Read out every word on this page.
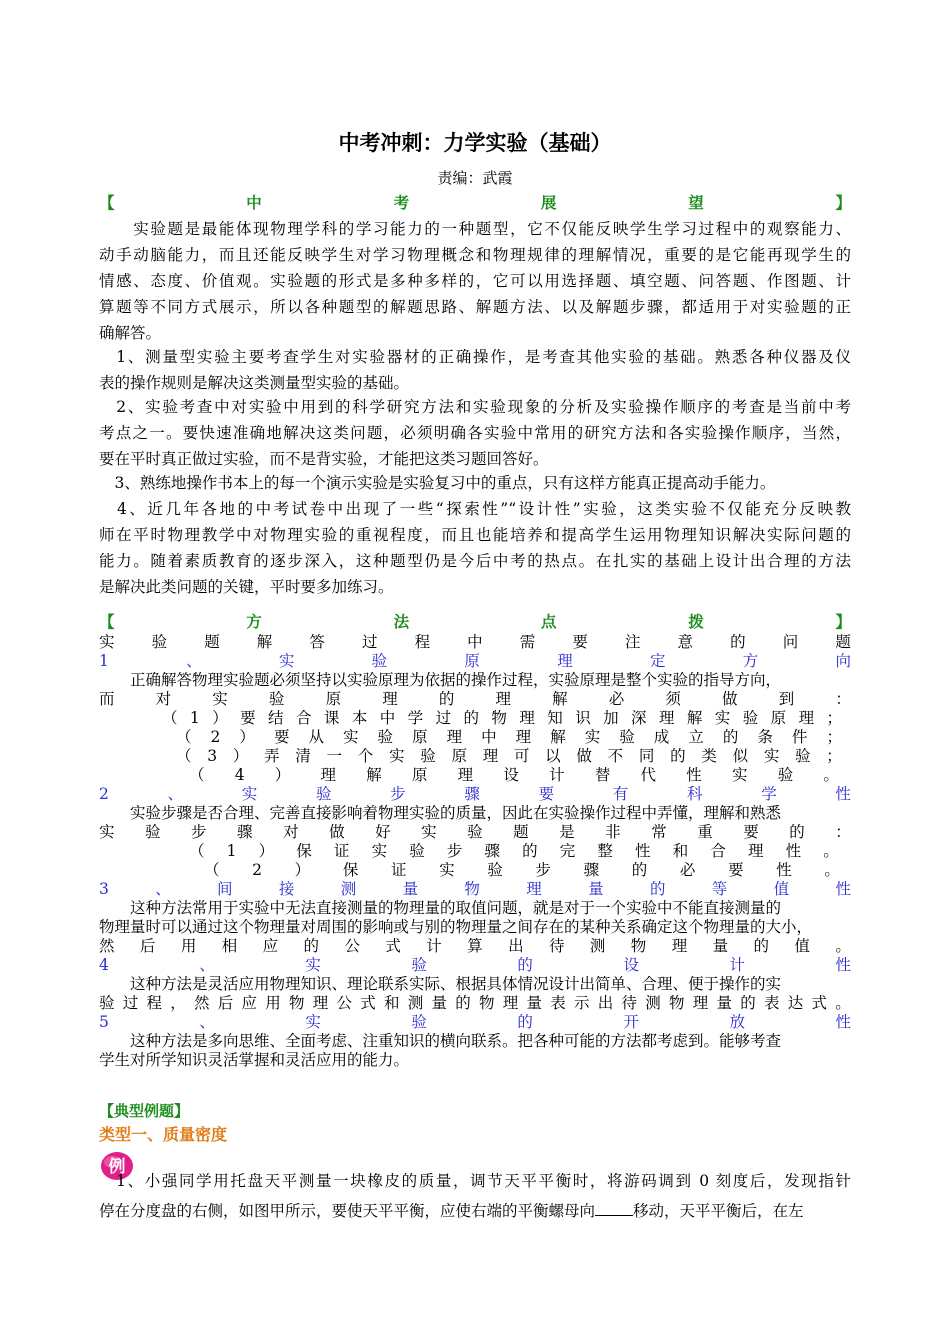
中考冲刺：力学实验（基础）
责编：武霞
【	中	考	展	望	】
　　实验题是最能体现物理学科的学习能力的一种题型，它不仅能反映学生学习过程中的观察能力、
动手动脑能力，而且还能反映学生对学习物理概念和物理规律的理解情况，重要的是它能再现学生的
情感、态度、价值观。实验题的形式是多种多样的，它可以用选择题、填空题、问答题、作图题、计
算题等不同方式展示，所以各种题型的解题思路、解题方法、以及解题步骤，都适用于对实验题的正
确解答。
　1、测量型实验主要考查学生对实验器材的正确操作，是考查其他实验的基础。熟悉各种仪器及仪
表的操作规则是解决这类测量型实验的基础。
　2、实验考查中对实验中用到的科学研究方法和实验现象的分析及实验操作顺序的考查是当前中考
考点之一。要快速准确地解决这类问题，必须明确各实验中常用的研究方法和各实验操作顺序，当然，
要在平时真正做过实验，而不是背实验，才能把这类习题回答好。
　3、熟练地操作书本上的每一个演示实验是实验复习中的重点，只有这样方能真正提高动手能力。
　4、近几年各地的中考试卷中出现了一些“探索性”“设计性”实验，这类实验不仅能充分反映教
师在平时物理教学中对物理实验的重视程度，而且也能培养和提高学生运用物理知识解决实际问题的
能力。随着素质教育的逐步深入，这种题型仍是今后中考的热点。在扎实的基础上设计出合理的方法
是解决此类问题的关键，平时要多加练习。
【	方	法	点	拨	】
实 验 题 解 答 过 程 中 需 要 注 意 的 问 题
1	、	实	验	原	理	定	方	向
　　正确解答物理实验题必须坚持以实验原理为依据的操作过程，实验原理是整个实验的指导方向，
而	对	实	验	原	理	的	理	解	必	须	做	到	：
（ 1 ） 要 结 合 课 本 中 学 过 的 物 理 知 识 加 深 理 解 实 验 原 理 ；
（ 2 ） 要 从 实 验 原 理 中 理 解 实 验 成 立 的 条 件 ；
（ 3 ） 弄 清 一 个 实 验 原 理 可 以 做 不 同 的 类 似 实 验 ；
（ 4 ） 理 解 原 理 设 计 替 代 性 实 验 。
2	、	实	验	步	骤	要	有	科	学	性
　　实验步骤是否合理、完善直接影响着物理实验的质量，因此在实验操作过程中弄懂，理解和熟悉
实 验 步 骤 对 做 好 实 验 题 是 非 常 重 要 的 ：
（ 1 ） 保 证 实 验 步 骤 的 完 整 性 和 合 理 性 。
（ 2 ） 保 证 实 验 步 骤 的 必 要 性 。
3	、	间	接	测	量	物	理	量	的	等	值	性
　　这种方法常用于实验中无法直接测量的物理量的取值问题，就是对于一个实验中不能直接测量的
物理量时可以通过这个物理量对周围的影响或与别的物理量之间存在的某种关系确定这个物理量的大小，
然 后 用 相 应 的 公 式 计 算 出 待 测 物 理 量 的 值 。
4	、	实	验	的	设	计	性
　　这种方法是灵活应用物理知识、理论联系实际、根据具体情况设计出简单、合理、便于操作的实
验 过 程 ， 然 后 应 用 物 理 公 式 和 测 量 的 物 理 量 表 示 出 待 测 物 理 量 的 表 达 式 。
5	、	实	验	的	开	放	性
　　这种方法是多向思维、全面考虑、注重知识的横向联系。把各种可能的方法都考虑到。能够考查
学生对所学知识灵活掌握和灵活应用的能力。
【典型例题】
类型一、质量密度
例
　1、小强同学用托盘天平测量一块橡皮的质量，调节天平平衡时，将游码调到 0 刻度后，发现指针
停在分度盘的右侧，如图甲所示，要使天平平衡，应使右端的平衡螺母向 移动，天平平衡后，在左
